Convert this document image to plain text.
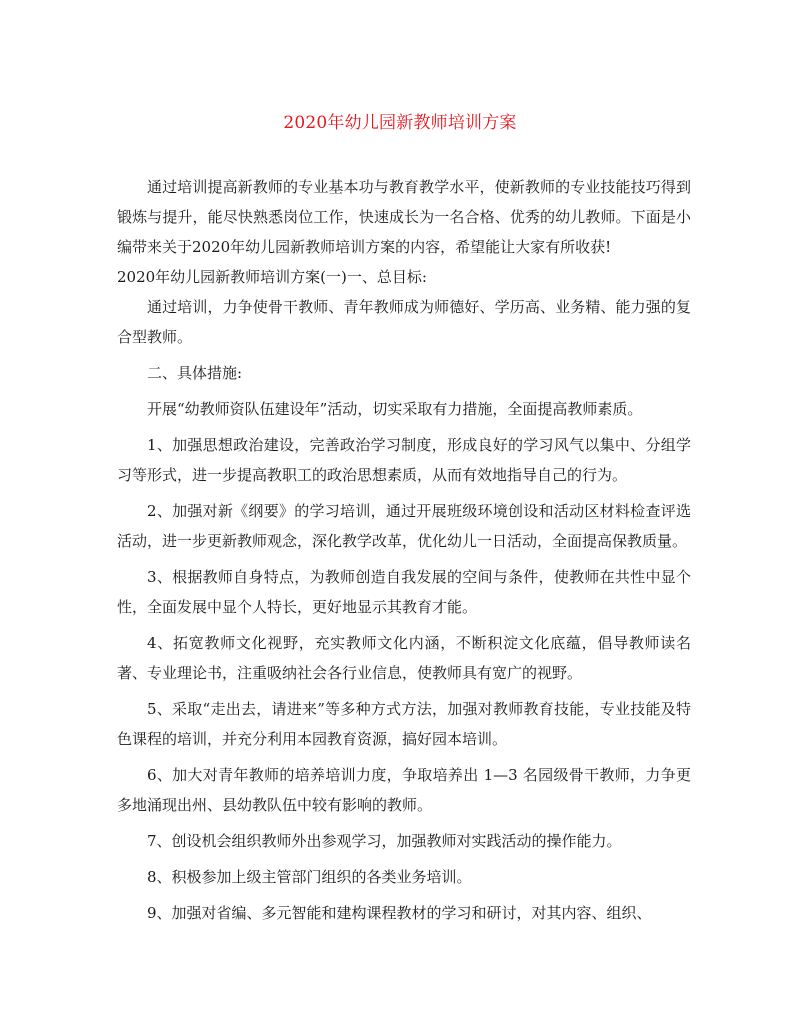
2020年幼儿园新教师培训方案

通过培训提高新教师的专业基本功与教育教学水平，使新教师的专业技能技巧得到锻炼与提升，能尽快熟悉岗位工作，快速成长为一名合格、优秀的幼儿教师。下面是小编带来关于2020年幼儿园新教师培训方案的内容，希望能让大家有所收获!

2020年幼儿园新教师培训方案(一)一、总目标:

通过培训，力争使骨干教师、青年教师成为师德好、学历高、业务精、能力强的复合型教师。

二、具体措施:

开展“幼教师资队伍建设年”活动，切实采取有力措施，全面提高教师素质。

1、加强思想政治建设，完善政治学习制度，形成良好的学习风气以集中、分组学习等形式，进一步提高教职工的政治思想素质，从而有效地指导自己的行为。

2、加强对新《纲要》的学习培训，通过开展班级环境创设和活动区材料检查评选活动，进一步更新教师观念，深化教学改革，优化幼儿一日活动，全面提高保教质量。

3、根据教师自身特点，为教师创造自我发展的空间与条件，使教师在共性中显个性，全面发展中显个人特长，更好地显示其教育才能。

4、拓宽教师文化视野，充实教师文化内涵，不断积淀文化底蕴，倡导教师读名著、专业理论书，注重吸纳社会各行业信息，使教师具有宽广的视野。

5、采取“走出去，请进来”等多种方式方法，加强对教师教育技能，专业技能及特色课程的培训，并充分利用本园教育资源，搞好园本培训。

6、加大对青年教师的培养培训力度，争取培养出 1—3 名园级骨干教师，力争更多地涌现出州、县幼教队伍中较有影响的教师。

7、创设机会组织教师外出参观学习，加强教师对实践活动的操作能力。

8、积极参加上级主管部门组织的各类业务培训。

9、加强对省编、多元智能和建构课程教材的学习和研讨，对其内容、组织、
